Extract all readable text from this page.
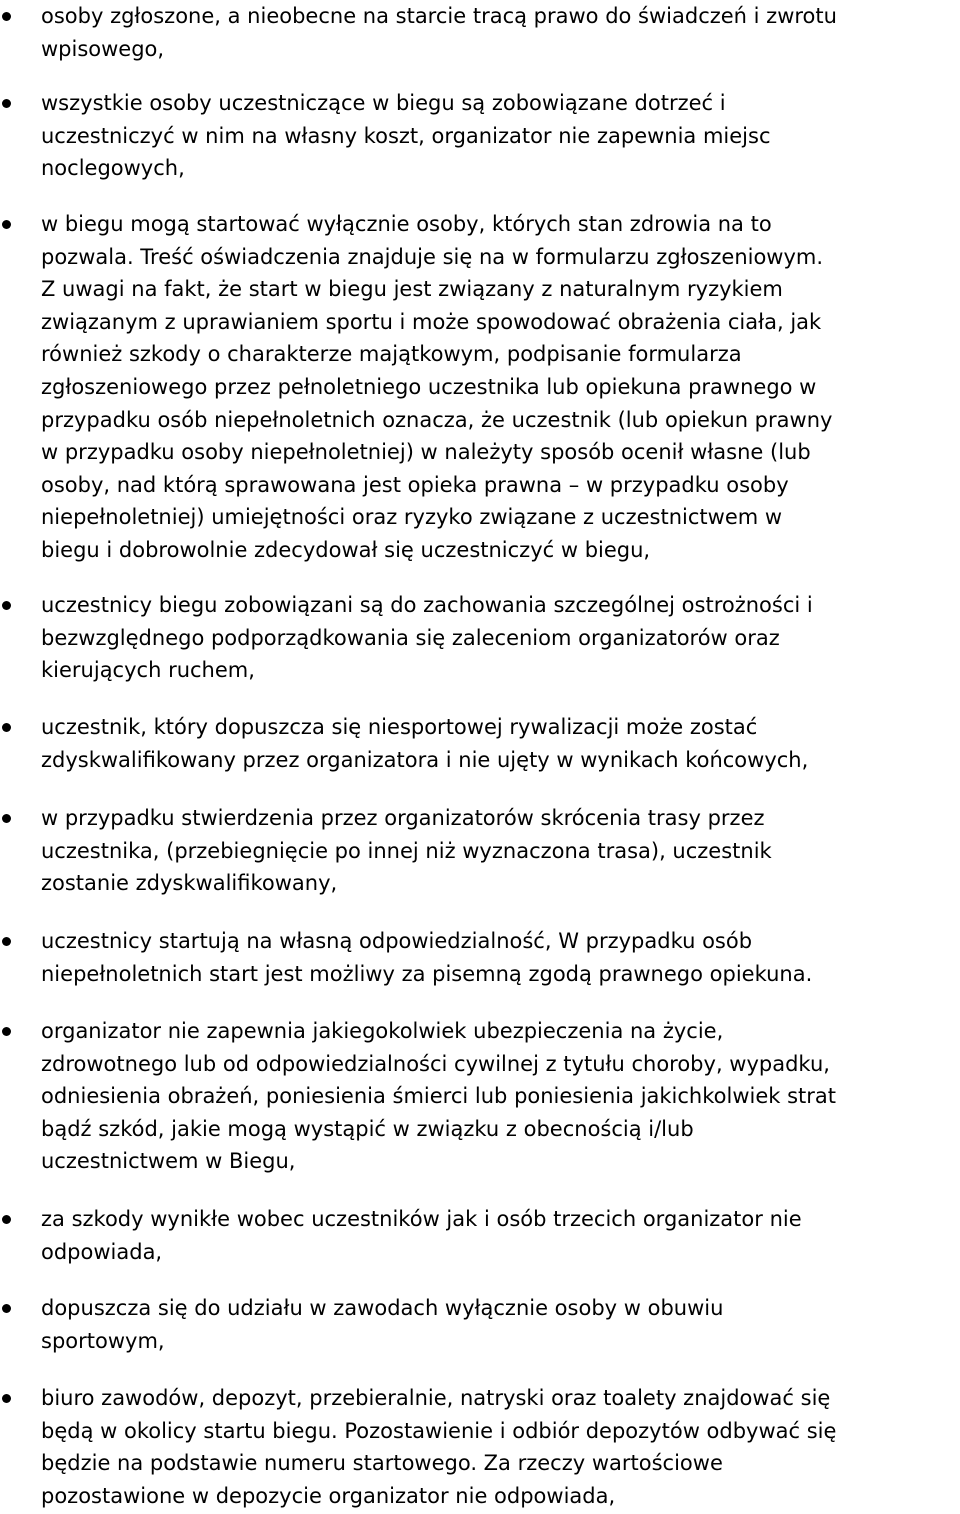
osoby zgłoszone, a nieobecne na starcie tracą prawo do świadczeń i zwrotu
wpisowego,
wszystkie osoby uczestniczące w biegu są zobowiązane dotrzeć i
uczestniczyć w nim na własny koszt, organizator nie zapewnia miejsc
noclegowych,
w biegu mogą startować wyłącznie osoby, których stan zdrowia na to
pozwala. Treść oświadczenia znajduje się na w formularzu zgłoszeniowym.
Z uwagi na fakt, że start w biegu jest związany z naturalnym ryzykiem
związanym z uprawianiem sportu i może spowodować obrażenia ciała, jak
również szkody o charakterze majątkowym, podpisanie formularza
zgłoszeniowego przez pełnoletniego uczestnika lub opiekuna prawnego w
przypadku osób niepełnoletnich oznacza, że uczestnik (lub opiekun prawny
w przypadku osoby niepełnoletniej) w należyty sposób ocenił własne (lub
osoby, nad którą sprawowana jest opieka prawna – w przypadku osoby
niepełnoletniej) umiejętności oraz ryzyko związane z uczestnictwem w
biegu i dobrowolnie zdecydował się uczestniczyć w biegu,
uczestnicy biegu zobowiązani są do zachowania szczególnej ostrożności i
bezwzględnego podporządkowania się zaleceniom organizatorów oraz
kierujących ruchem,
uczestnik, który dopuszcza się niesportowej rywalizacji może zostać
zdyskwalifikowany przez organizatora i nie ujęty w wynikach końcowych,
w przypadku stwierdzenia przez organizatorów skrócenia trasy przez
uczestnika, (przebiegnięcie po innej niż wyznaczona trasa), uczestnik
zostanie zdyskwalifikowany,
uczestnicy startują na własną odpowiedzialność, W przypadku osób
niepełnoletnich start jest możliwy za pisemną zgodą prawnego opiekuna.
organizator nie zapewnia jakiegokolwiek ubezpieczenia na życie,
zdrowotnego lub od odpowiedzialności cywilnej z tytułu choroby, wypadku,
odniesienia obrażeń, poniesienia śmierci lub poniesienia jakichkolwiek strat
bądź szkód, jakie mogą wystąpić w związku z obecnością i/lub
uczestnictwem w Biegu,
za szkody wynikłe wobec uczestników jak i osób trzecich organizator nie
odpowiada,
dopuszcza się do udziału w zawodach wyłącznie osoby w obuwiu
sportowym,
biuro zawodów, depozyt, przebieralnie, natryski oraz toalety znajdować się
będą w okolicy startu biegu. Pozostawienie i odbiór depozytów odbywać się
będzie na podstawie numeru startowego. Za rzeczy wartościowe
pozostawione w depozycie organizator nie odpowiada,
